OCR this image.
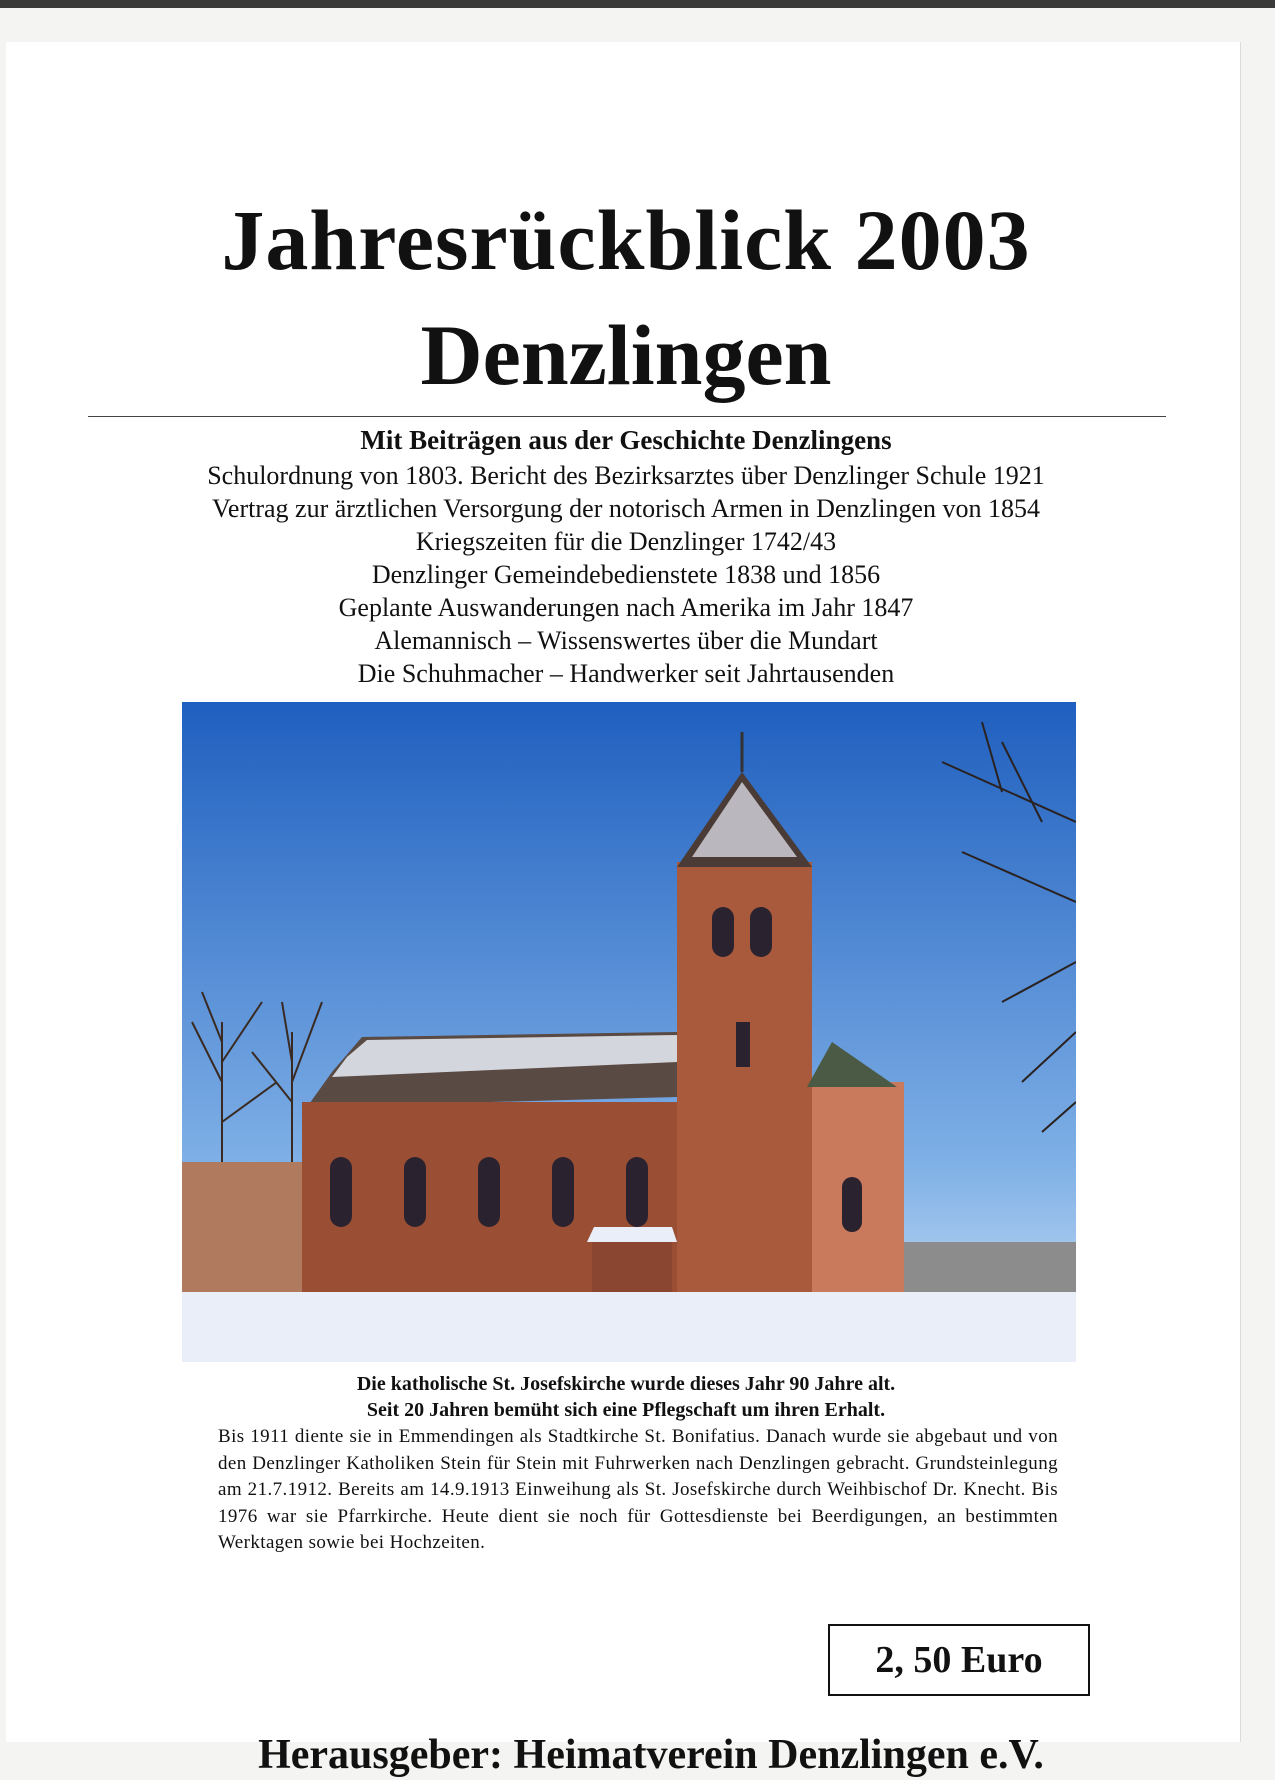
Jahresrückblick 2003
Denzlingen
Mit Beiträgen aus der Geschichte Denzlingens
Schulordnung von 1803. Bericht des Bezirksarztes über Denzlinger Schule 1921
Vertrag zur ärztlichen Versorgung der notorisch Armen in Denzlingen von 1854
Kriegszeiten für die Denzlinger 1742/43
Denzlinger Gemeindebedienstete 1838 und 1856
Geplante Auswanderungen nach Amerika im Jahr 1847
Alemannisch – Wissenswertes über die Mundart
Die Schuhmacher – Handwerker seit Jahrtausenden
Die katholische St. Josefskirche wurde dieses Jahr 90 Jahre alt.
Seit 20 Jahren bemüht sich eine Pflegschaft um ihren Erhalt.

Bis 1911 diente sie in Emmendingen als Stadtkirche St. Bonifatius. Danach wurde sie abgebaut und von den Denzlinger Katholiken Stein für Stein mit Fuhrwerken nach Denzlingen gebracht. Grundsteinlegung am 21.7.1912. Bereits am 14.9.1913 Einweihung als St. Josefskirche durch Weihbischof Dr. Knecht. Bis 1976 war sie Pfarrkirche. Heute dient sie noch für Gottesdienste bei Beerdigungen, an bestimmten Werktagen sowie bei Hochzeiten.

2, 50 Euro
Herausgeber: Heimatverein Denzlingen e.V.
